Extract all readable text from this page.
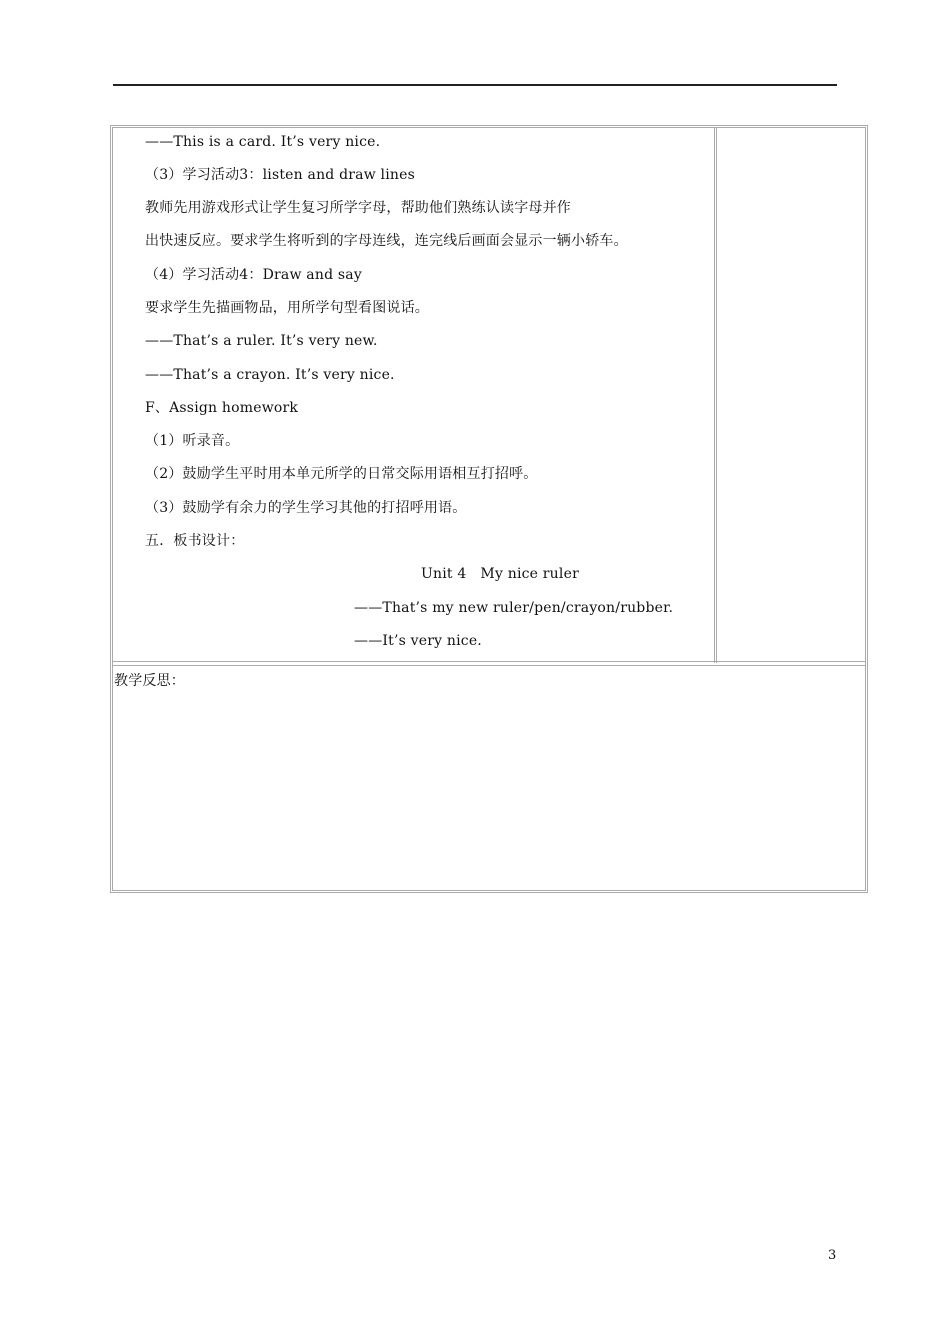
——This is a card. It’s very nice.
（3）学习活动3：listen and draw lines
教师先用游戏形式让学生复习所学字母，帮助他们熟练认读字母并作
出快速反应。要求学生将听到的字母连线，连完线后画面会显示一辆小轿车。
（4）学习活动4：Draw and say
要求学生先描画物品，用所学句型看图说话。
——That’s a ruler. It’s very new.
——That’s a crayon. It’s very nice.
F、Assign homework
（1）听录音。
（2）鼓励学生平时用本单元所学的日常交际用语相互打招呼。
（3）鼓励学有余力的学生学习其他的打招呼用语。
五．板书设计：
Unit 4   My nice ruler
——That’s my new ruler/pen/crayon/rubber.
——It’s very nice.
教学反思：
3
